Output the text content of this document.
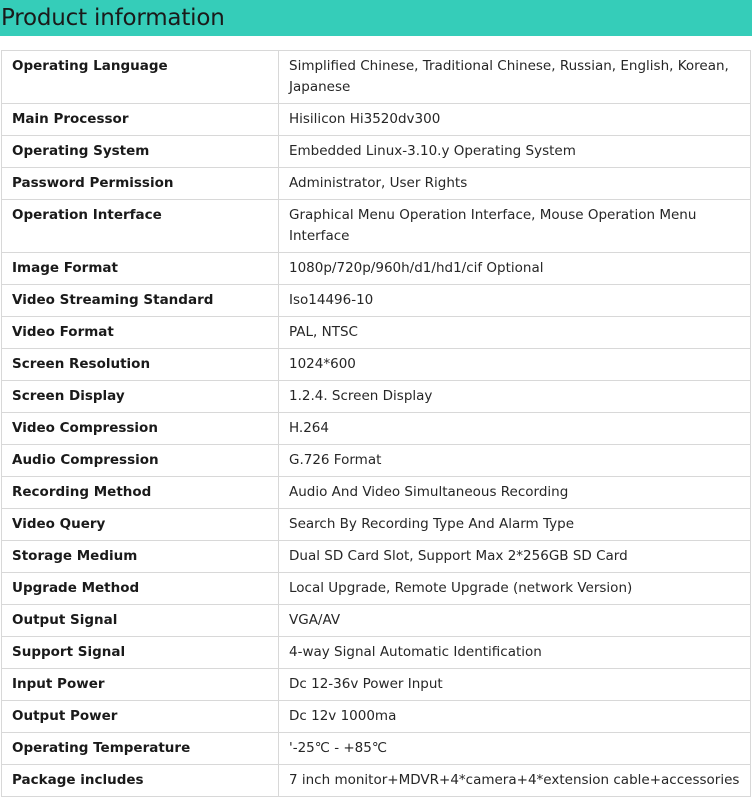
Product information
Operating Language	Simplified Chinese, Traditional Chinese, Russian, English, Korean, Japanese
Main Processor	Hisilicon Hi3520dv300
Operating System	Embedded Linux-3.10.y Operating System
Password Permission	Administrator, User Rights
Operation Interface	Graphical Menu Operation Interface, Mouse Operation Menu Interface
Image Format	1080p/720p/960h/d1/hd1/cif Optional
Video Streaming Standard	Iso14496-10
Video Format	PAL, NTSC
Screen Resolution	1024*600
Screen Display	1.2.4. Screen Display
Video Compression	H.264
Audio Compression	G.726 Format
Recording Method	Audio And Video Simultaneous Recording
Video Query	Search By Recording Type And Alarm Type
Storage Medium	Dual SD Card Slot, Support Max 2*256GB SD Card
Upgrade Method	Local Upgrade, Remote Upgrade (network Version)
Output Signal	VGA/AV
Support Signal	4-way Signal Automatic Identification
Input Power	Dc 12-36v Power Input
Output Power	Dc 12v 1000ma
Operating Temperature	'-25℃ - +85℃
Package includes	7 inch monitor+MDVR+4*camera+4*extension cable+accessories
